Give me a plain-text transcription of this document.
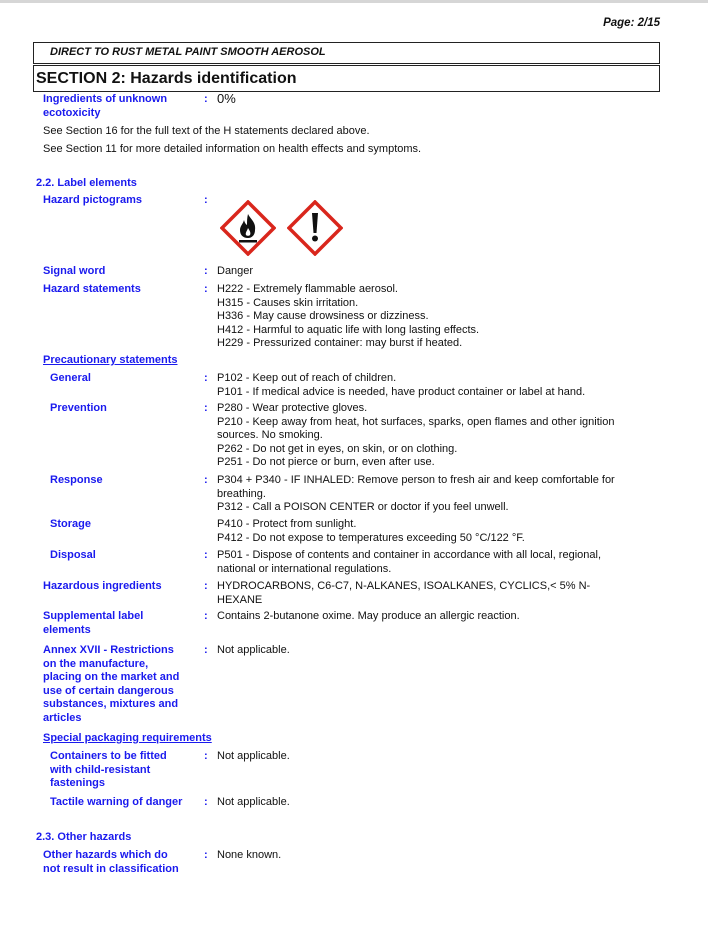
Page: 2/15
DIRECT TO RUST METAL PAINT SMOOTH AEROSOL
SECTION 2: Hazards identification
Ingredients of unknown
ecotoxicity
: 0%
See Section 16 for the full text of the H statements declared above.
See Section 11 for more detailed information on health effects and symptoms.
2.2. Label elements
Hazard pictograms	:
Signal word	: Danger
Hazard statements	: H222 - Extremely flammable aerosol.
H315 - Causes skin irritation.
H336 - May cause drowsiness or dizziness.
H412 - Harmful to aquatic life with long lasting effects.
H229 - Pressurized container: may burst if heated.
Precautionary statements
General	: P102 - Keep out of reach of children.
P101 - If medical advice is needed, have product container or label at hand.
Prevention	: P280 - Wear protective gloves.
P210 - Keep away from heat, hot surfaces, sparks, open flames and other ignition
sources. No smoking.
P262 - Do not get in eyes, on skin, or on clothing.
P251 - Do not pierce or burn, even after use.
Response	: P304 + P340 - IF INHALED: Remove person to fresh air and keep comfortable for
breathing.
P312 - Call a POISON CENTER or doctor if you feel unwell.
Storage	P410 - Protect from sunlight.
P412 - Do not expose to temperatures exceeding 50 °C/122 °F.
Disposal	: P501 - Dispose of contents and container in accordance with all local, regional,
national or international regulations.
Hazardous ingredients	: HYDROCARBONS, C6-C7, N-ALKANES, ISOALKANES, CYCLICS,< 5% N-
HEXANE
Supplemental label
elements
: Contains 2-butanone oxime. May produce an allergic reaction.
Annex XVII - Restrictions
on the manufacture,
placing on the market and
use of certain dangerous
substances, mixtures and
articles
: Not applicable.
Special packaging requirements
Containers to be fitted
with child-resistant
fastenings
: Not applicable.
Tactile warning of danger : Not applicable.
2.3. Other hazards
Other hazards which do
not result in classification
: None known.
